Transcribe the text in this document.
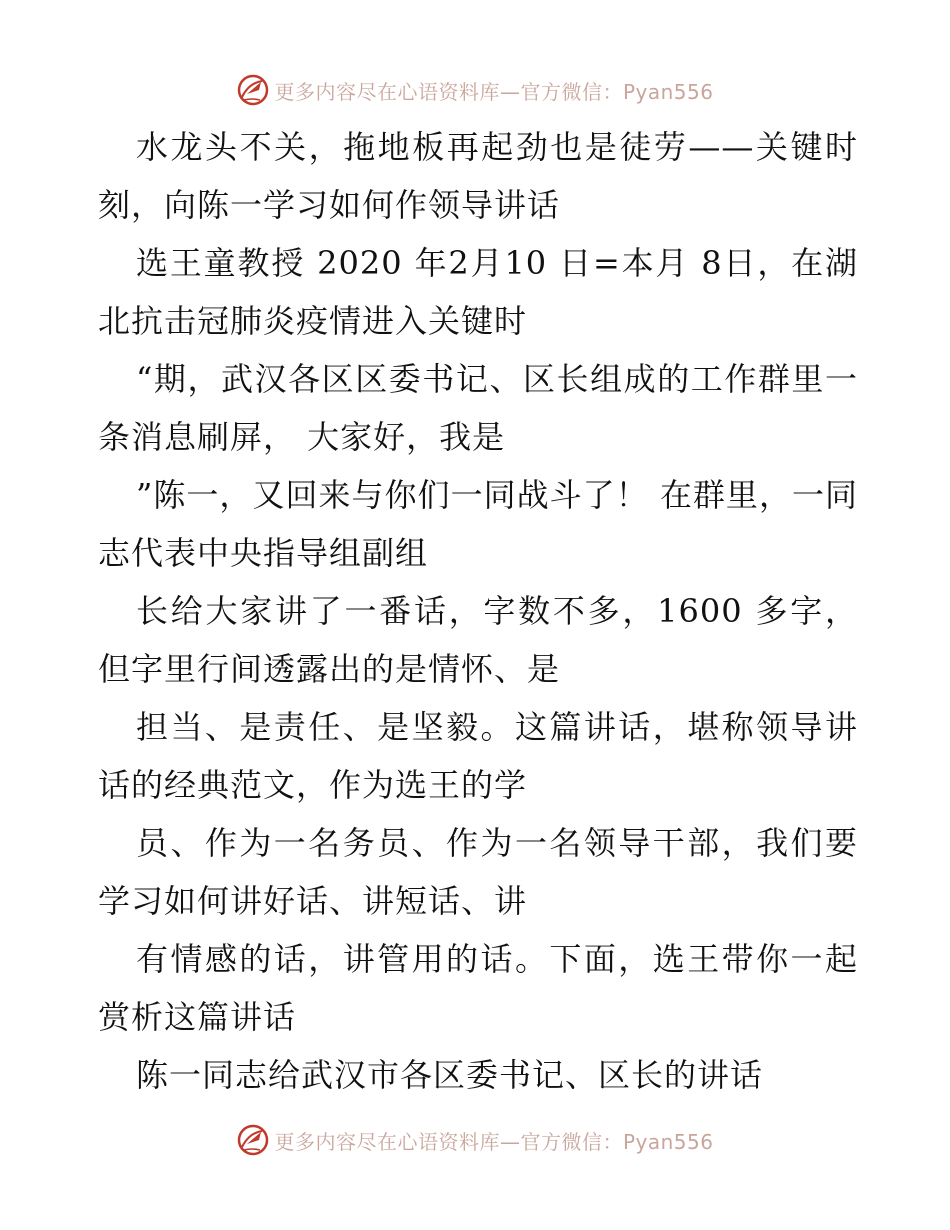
更多内容尽在心语资料库—官方微信：Pyan556

水龙头不关，拖地板再起劲也是徒劳——关键时刻，向陈一学习如何作领导讲话

选王童教授 2020 年2月10 日=本月 8日，在湖北抗击冠肺炎疫情进入关键时

“期，武汉各区区委书记、区长组成的工作群里一条消息刷屏， 大家好，我是

”陈一，又回来与你们一同战斗了！ 在群里，一同志代表中央指导组副组

长给大家讲了一番话，字数不多，1600 多字，但字里行间透露出的是情怀、是

担当、是责任、是坚毅。这篇讲话，堪称领导讲话的经典范文，作为选王的学

员、作为一名务员、作为一名领导干部，我们要学习如何讲好话、讲短话、讲

有情感的话，讲管用的话。下面，选王带你一起赏析这篇讲话

陈一同志给武汉市各区委书记、区长的讲话

更多内容尽在心语资料库—官方微信：Pyan556
